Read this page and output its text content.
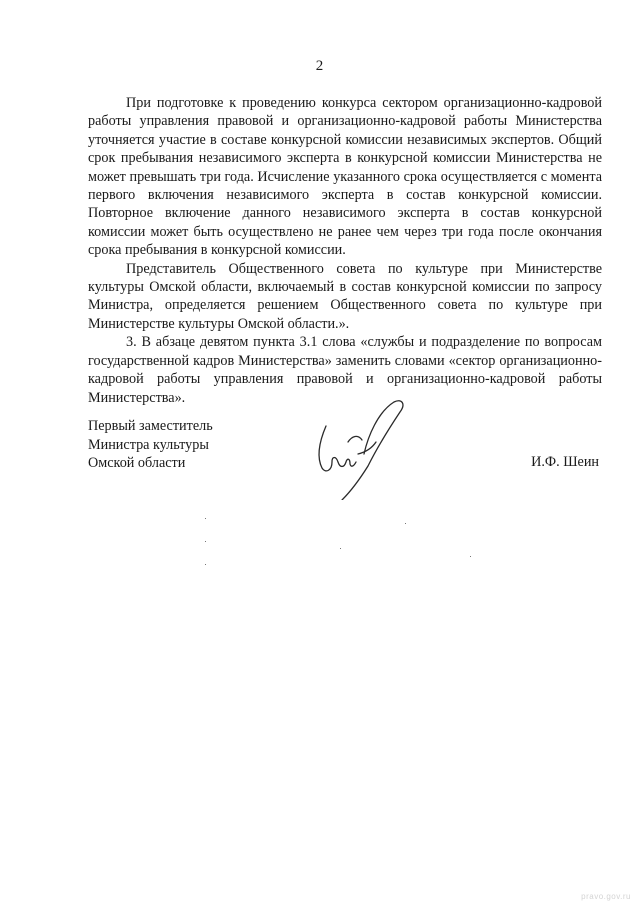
2

При подготовке к проведению конкурса сектором организационно-кадровой работы управления правовой и организационно-кадровой работы Министерства уточняется участие в составе конкурсной комиссии независимых экспертов. Общий срок пребывания независимого эксперта в конкурсной комиссии Министерства не может превышать три года. Исчисление указанного срока осуществляется с момента первого включения независимого эксперта в состав конкурсной комиссии. Повторное включение данного независимого эксперта в состав конкурсной комиссии может быть осуществлено не ранее чем через три года после окончания срока пребывания в конкурсной комиссии.

Представитель Общественного совета по культуре при Министерстве культуры Омской области, включаемый в состав конкурсной комиссии по запросу Министра, определяется решением Общественного совета по культуре при Министерстве культуры Омской области.».

3. В абзаце девятом пункта 3.1 слова «службы и подразделение по вопросам государственной кадров Министерства» заменить словами «сектор организационно-кадровой работы управления правовой и организационно-кадровой работы Министерства».

Первый заместитель
Министра культуры
Омской области	И.Ф. Шеин
pravo.gov.ru
